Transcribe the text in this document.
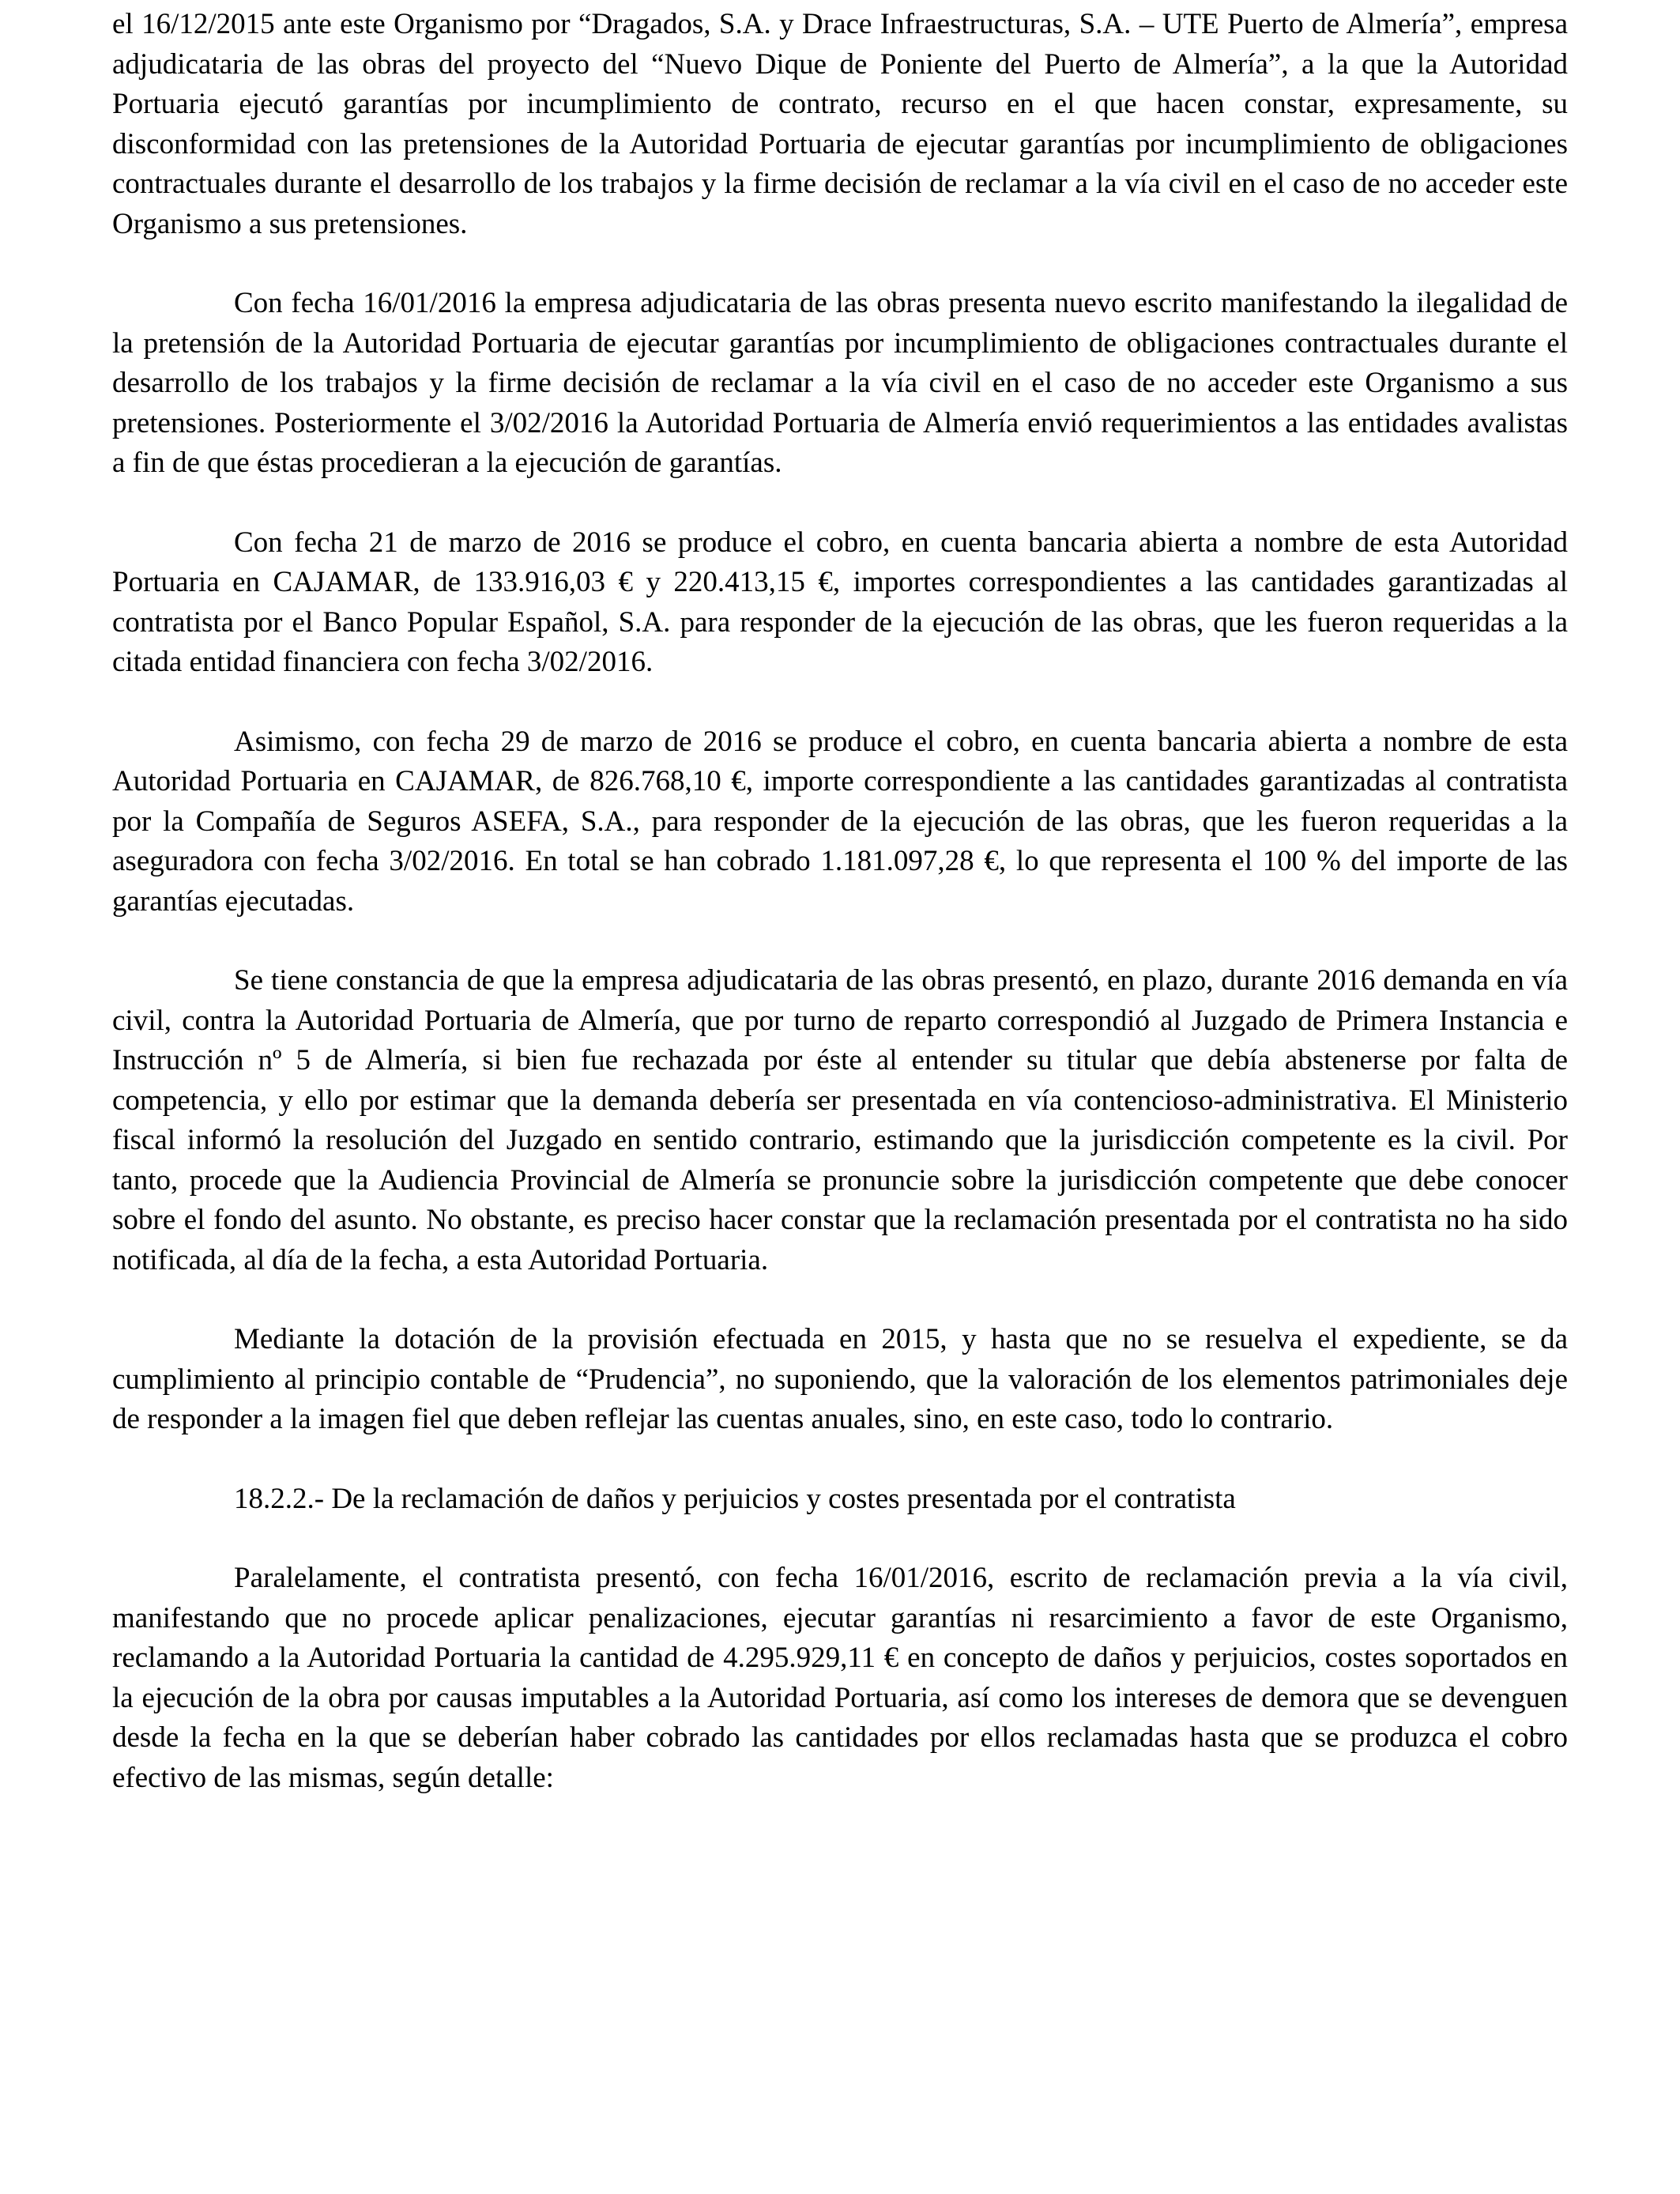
el 16/12/2015 ante este Organismo por “Dragados, S.A. y Drace Infraestructuras, S.A. – UTE Puerto de Almería”, empresa adjudicataria de las obras del proyecto del “Nuevo Dique de Poniente del Puerto de Almería”, a la que la Autoridad Portuaria ejecutó garantías por incumplimiento de contrato, recurso en el que hacen constar, expresamente, su disconformidad con las pretensiones de la Autoridad Portuaria de ejecutar garantías por incumplimiento de obligaciones contractuales durante el desarrollo de los trabajos y la firme decisión de reclamar a la vía civil en el caso de no acceder este Organismo a sus pretensiones.

Con fecha 16/01/2016 la empresa adjudicataria de las obras presenta nuevo escrito manifestando la ilegalidad de la pretensión de la Autoridad Portuaria de ejecutar garantías por incumplimiento de obligaciones contractuales durante el desarrollo de los trabajos y la firme decisión de reclamar a la vía civil en el caso de no acceder este Organismo a sus pretensiones. Posteriormente el 3/02/2016 la Autoridad Portuaria de Almería envió requerimientos a las entidades avalistas a fin de que éstas procedieran a la ejecución de garantías.

Con fecha 21 de marzo de 2016 se produce el cobro, en cuenta bancaria abierta a nombre de esta Autoridad Portuaria en CAJAMAR, de 133.916,03 € y 220.413,15 €, importes correspondientes a las cantidades garantizadas al contratista por el Banco Popular Español, S.A. para responder de la ejecución de las obras, que les fueron requeridas a la citada entidad financiera con fecha 3/02/2016.

Asimismo, con fecha 29 de marzo de 2016 se produce el cobro, en cuenta bancaria abierta a nombre de esta Autoridad Portuaria en CAJAMAR, de 826.768,10 €, importe correspondiente a las cantidades garantizadas al contratista por la Compañía de Seguros ASEFA, S.A., para responder de la ejecución de las obras, que les fueron requeridas a la aseguradora con fecha 3/02/2016. En total se han cobrado 1.181.097,28 €, lo que representa el 100 % del importe de las garantías ejecutadas.

Se tiene constancia de que la empresa adjudicataria de las obras presentó, en plazo, durante 2016 demanda en vía civil, contra la Autoridad Portuaria de Almería, que por turno de reparto correspondió al Juzgado de Primera Instancia e Instrucción nº 5 de Almería, si bien fue rechazada por éste al entender su titular que debía abstenerse por falta de competencia, y ello por estimar que la demanda debería ser presentada en vía contencioso-administrativa. El Ministerio fiscal informó la resolución del Juzgado en sentido contrario, estimando que la jurisdicción competente es la civil. Por tanto, procede que la Audiencia Provincial de Almería se pronuncie sobre la jurisdicción competente que debe conocer sobre el fondo del asunto. No obstante, es preciso hacer constar que la reclamación presentada por el contratista no ha sido notificada, al día de la fecha, a esta Autoridad Portuaria.

Mediante la dotación de la provisión efectuada en 2015, y hasta que no se resuelva el expediente, se da cumplimiento al principio contable de “Prudencia”, no suponiendo, que la valoración de los elementos patrimoniales deje de responder a la imagen fiel que deben reflejar las cuentas anuales, sino, en este caso, todo lo contrario.

18.2.2.- De la reclamación de daños y perjuicios y costes presentada por el contratista

Paralelamente, el contratista presentó, con fecha 16/01/2016, escrito de reclamación previa a la vía civil, manifestando que no procede aplicar penalizaciones, ejecutar garantías ni resarcimiento a favor de este Organismo, reclamando a la Autoridad Portuaria la cantidad de 4.295.929,11 € en concepto de daños y perjuicios, costes soportados en la ejecución de la obra por causas imputables a la Autoridad Portuaria, así como los intereses de demora que se devenguen desde la fecha en la que se deberían haber cobrado las cantidades por ellos reclamadas hasta que se produzca el cobro efectivo de las mismas, según detalle:
